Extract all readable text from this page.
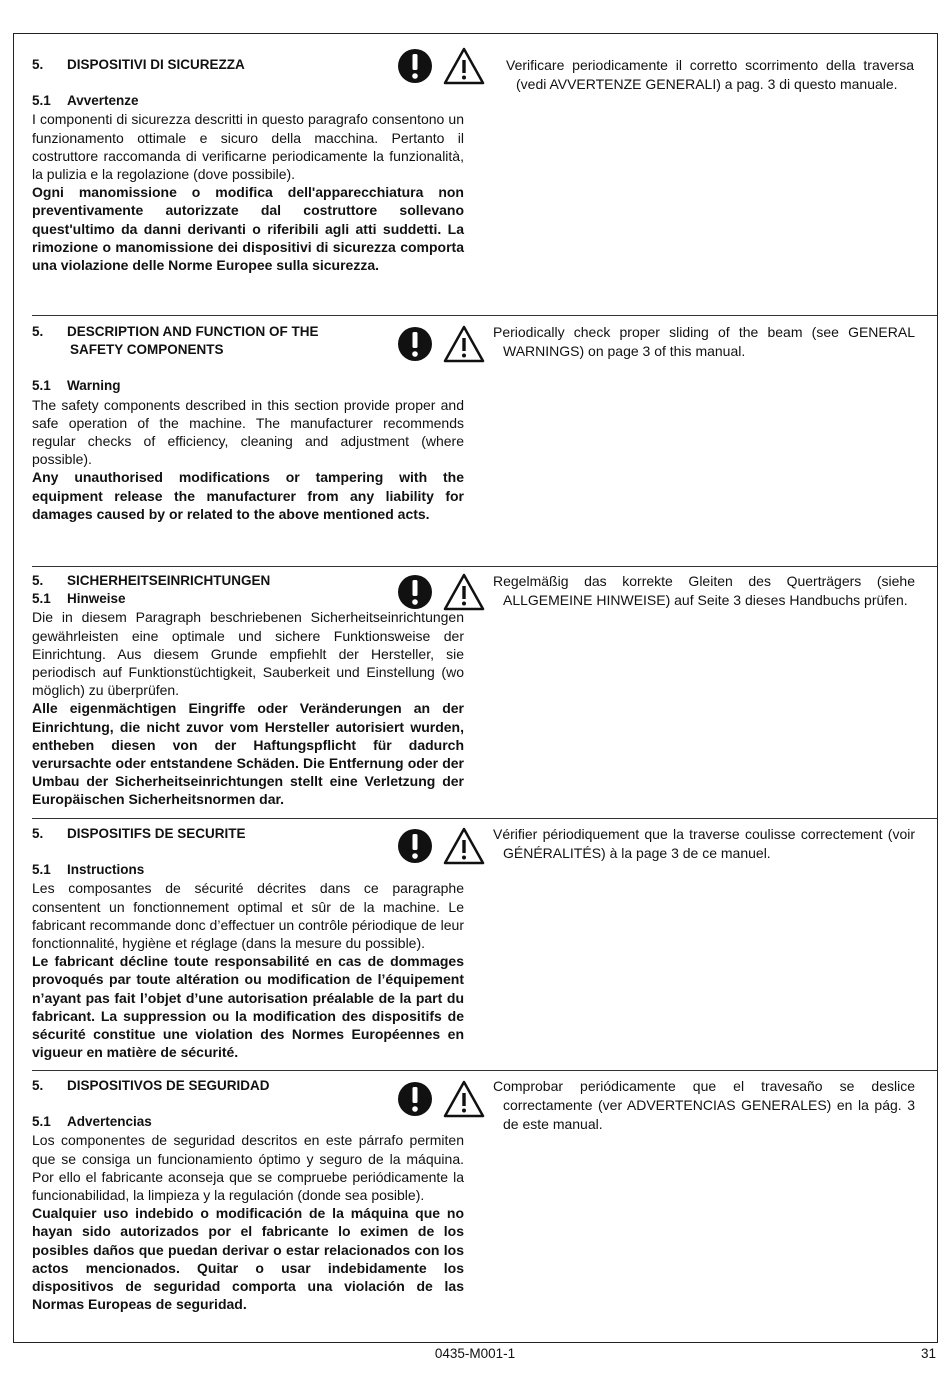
5.	DISPOSITIVI DI SICUREZZA
5.1 Avvertenze

I componenti di sicurezza descritti in questo paragrafo consentono un funzionamento ottimale e sicuro della macchina. Pertanto il costruttore raccomanda di verificarne periodicamente la funzionalità, la pulizia e la regolazione (dove possibile).

Ogni manomissione o modifica dell'apparecchiatura non preventivamente autorizzate dal costruttore sollevano quest'ultimo da danni derivanti o riferibili agli atti suddetti. La rimozione o manomissione dei dispositivi di sicurezza comporta una violazione delle Norme Europee sulla sicurezza.

Verificare periodicamente il corretto scorrimento della traversa (vedi AVVERTENZE GENERALI) a pag. 3 di questo manuale.
5.	DESCRIPTION AND FUNCTION OF THE
SAFETY COMPONENTS
5.1 Warning

The safety components described in this section provide proper and safe operation of the machine. The manufacturer recommends regular checks of efficiency, cleaning and adjustment (where possible).

Any unauthorised modifications or tampering with the equipment release the manufacturer from any liability for damages caused by or related to the above mentioned acts.

Periodically check proper sliding of the beam (see GENERAL WARNINGS) on page 3 of this manual.
5.	SICHERHEITSEINRICHTUNGEN
5.1 Hinweise

Die in diesem Paragraph beschriebenen Sicherheitseinrichtungen gewährleisten eine optimale und sichere Funktionsweise der Einrichtung. Aus diesem Grunde empfiehlt der Hersteller, sie periodisch auf Funktionstüchtigkeit, Sauberkeit und Einstellung (wo möglich) zu überprüfen.

Alle eigenmächtigen Eingriffe oder Veränderungen an der Einrichtung, die nicht zuvor vom Hersteller autorisiert wurden, entheben diesen von der Haftungspflicht für dadurch verursachte oder entstandene Schäden. Die Entfernung oder der Umbau der Sicherheitseinrichtungen stellt eine Verletzung der Europäischen Sicherheitsnormen dar.

Regelmäßig das korrekte Gleiten des Querträgers (siehe ALLGEMEINE HINWEISE) auf Seite 3 dieses Handbuchs prüfen.
5.	DISPOSITIFS DE SECURITE
5.1 Instructions

Les composantes de sécurité décrites dans ce paragraphe consentent un fonctionnement optimal et sûr de la machine. Le fabricant recommande donc d’effectuer un contrôle périodique de leur fonctionnalité, hygiène et réglage (dans la mesure du possible).

Le fabricant décline toute responsabilité en cas de dommages provoqués par toute altération ou modification de l’équipement n’ayant pas fait l’objet d’une autorisation préalable de la part du fabricant. La suppression ou la modification des dispositifs de sécurité constitue une violation des Normes Européennes en vigueur en matière de sécurité.

Vérifier périodiquement que la traverse coulisse correctement (voir GÉNÉRALITÉS) à la page 3 de ce manuel.
5.	DISPOSITIVOS DE SEGURIDAD
5.1 Advertencias

Los componentes de seguridad descritos en este párrafo permiten que se consiga un funcionamiento óptimo y seguro de la máquina. Por ello el fabricante aconseja que se compruebe periódicamente la funcionabilidad, la limpieza y la regulación (donde sea posible).

Cualquier uso indebido o modificación de la máquina que no hayan sido autorizados por el fabricante lo eximen de los posibles daños que puedan derivar o estar relacionados con los actos mencionados. Quitar o usar indebidamente los dispositivos de seguridad comporta una violación de las Normas Europeas de seguridad.

Comprobar periódicamente que el travesaño se deslice correctamente (ver ADVERTENCIAS GENERALES) en la pág. 3 de este manual.
0435-M001-1	31
